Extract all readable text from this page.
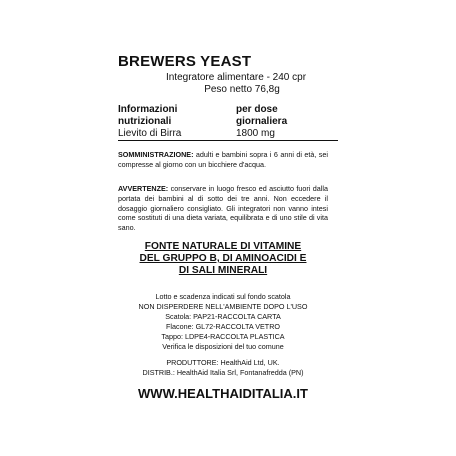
BREWERS YEAST
Integratore alimentare - 240 cpr
Peso netto 76,8g
Informazioni	per dose
nutrizionali	giornaliera
Lievito di Birra	1800 mg
SOMMINISTRAZIONE: adulti e bambini sopra i 6 anni di età, sei compresse al giorno con un bicchiere d'acqua.
AVVERTENZE: conservare in luogo fresco ed asciutto fuori dalla portata dei bambini al di sotto dei tre anni. Non eccedere il dosaggio giornaliero consigliato. Gli integratori non vanno intesi come sostituti di una dieta variata, equilibrata e di uno stile di vita sano.
FONTE NATURALE DI VITAMINE
DEL GRUPPO B, DI AMINOACIDI E
DI SALI MINERALI
Lotto e scadenza indicati sul fondo scatola
NON DISPERDERE NELL'AMBIENTE DOPO L'USO
Scatola: PAP21-RACCOLTA CARTA
Flacone: GL72-RACCOLTA VETRO
Tappo: LDPE4-RACCOLTA PLASTICA
Verifica le disposizioni del tuo comune
PRODUTTORE: HealthAid Ltd, UK.
DISTRIB.: HealthAid Italia Srl, Fontanafredda (PN)
WWW.HEALTHAIDITALIA.IT
